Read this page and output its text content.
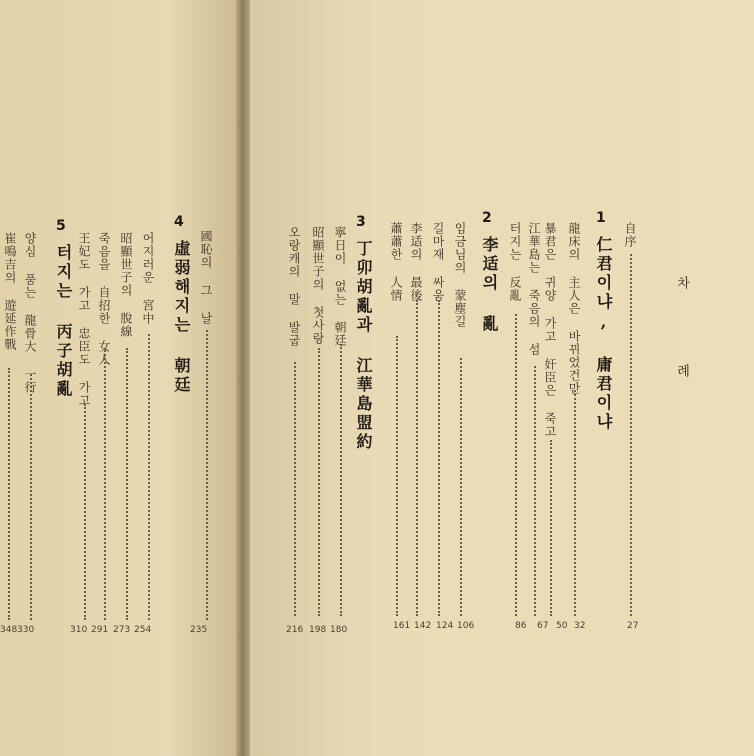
차 례
自序
27
1
仁君이냐, 庸君이냐
龍床의 主人은 바뀌었건만
32
暴君은 귀양 가고 奸臣은 죽고
50
江華島는 죽음의 섬
67
터지는 反亂
86
2
李适의 亂
임금님의 蒙塵길
106
길마재 싸움
124
李适의 最後
142
蕭蕭한 人情
161
3
丁卯胡亂과 江華島盟約
寧日이 없는 朝廷
180
昭顯世子의 첫사랑
198
오랑캐의 말 발굽
216
4
虛弱해지는 朝廷 國恥의 그 날
235
어지러운 宮中
254
昭顯世子의 脫線
273
죽음을 自招한 女人
291
王妃도 가고 忠臣도 가고
310
5
터지는 丙子胡亂
양심 품는 龍骨大 一行
330
崔鳴吉의 遊延作戰
348
